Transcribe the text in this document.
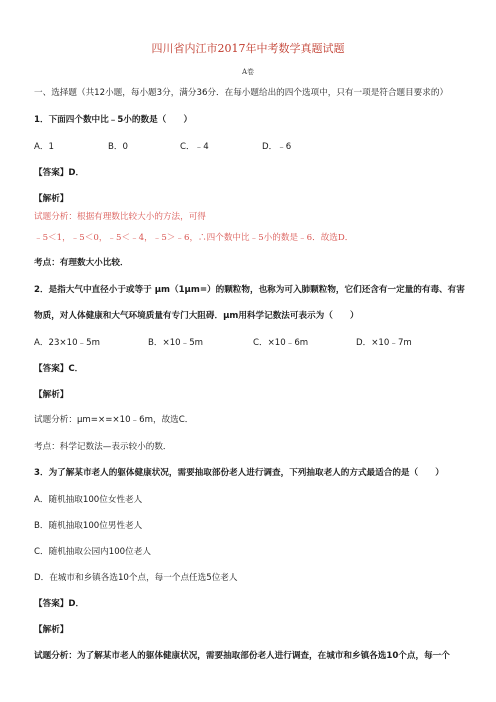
四川省内江市2017年中考数学真题试题
A卷
一、选择题（共12小题，每小题3分，满分36分．在每小题给出的四个选项中，只有一项是符合题目要求的）
1．下面四个数中比﹣5小的数是（　　）
A．1	B．0	C．﹣4	D．﹣6
【答案】D．
【解析】
试题分析：根据有理数比较大小的方法，可得
﹣5＜1，﹣5＜0，﹣5＜﹣4，﹣5＞﹣6，∴四个数中比﹣5小的数是﹣6．故选D．
考点：有理数大小比较．
2．是指大气中直径小于或等于 μm（1μm=）的颗粒物，也称为可入肺颗粒物，它们还含有一定量的有毒、有害
物质，对人体健康和大气环境质量有专门大阻碍．μm用科学记数法可表示为（　　）
A．23×10﹣5m	B．×10﹣5m	C．×10﹣6m	D．×10﹣7m
【答案】C．
【解析】
试题分析：μm=×=×10﹣6m，故选C．
考点：科学记数法—表示较小的数．
3．为了解某市老人的躯体健康状况，需要抽取部份老人进行调查，下列抽取老人的方式最适合的是（　　）
A．随机抽取100位女性老人
B．随机抽取100位男性老人
C．随机抽取公园内100位老人
D．在城市和乡镇各选10个点，每一个点任选5位老人
【答案】D．
【解析】
试题分析：为了解某市老人的躯体健康状况，需要抽取部份老人进行调查，在城市和乡镇各选10个点，每一个
